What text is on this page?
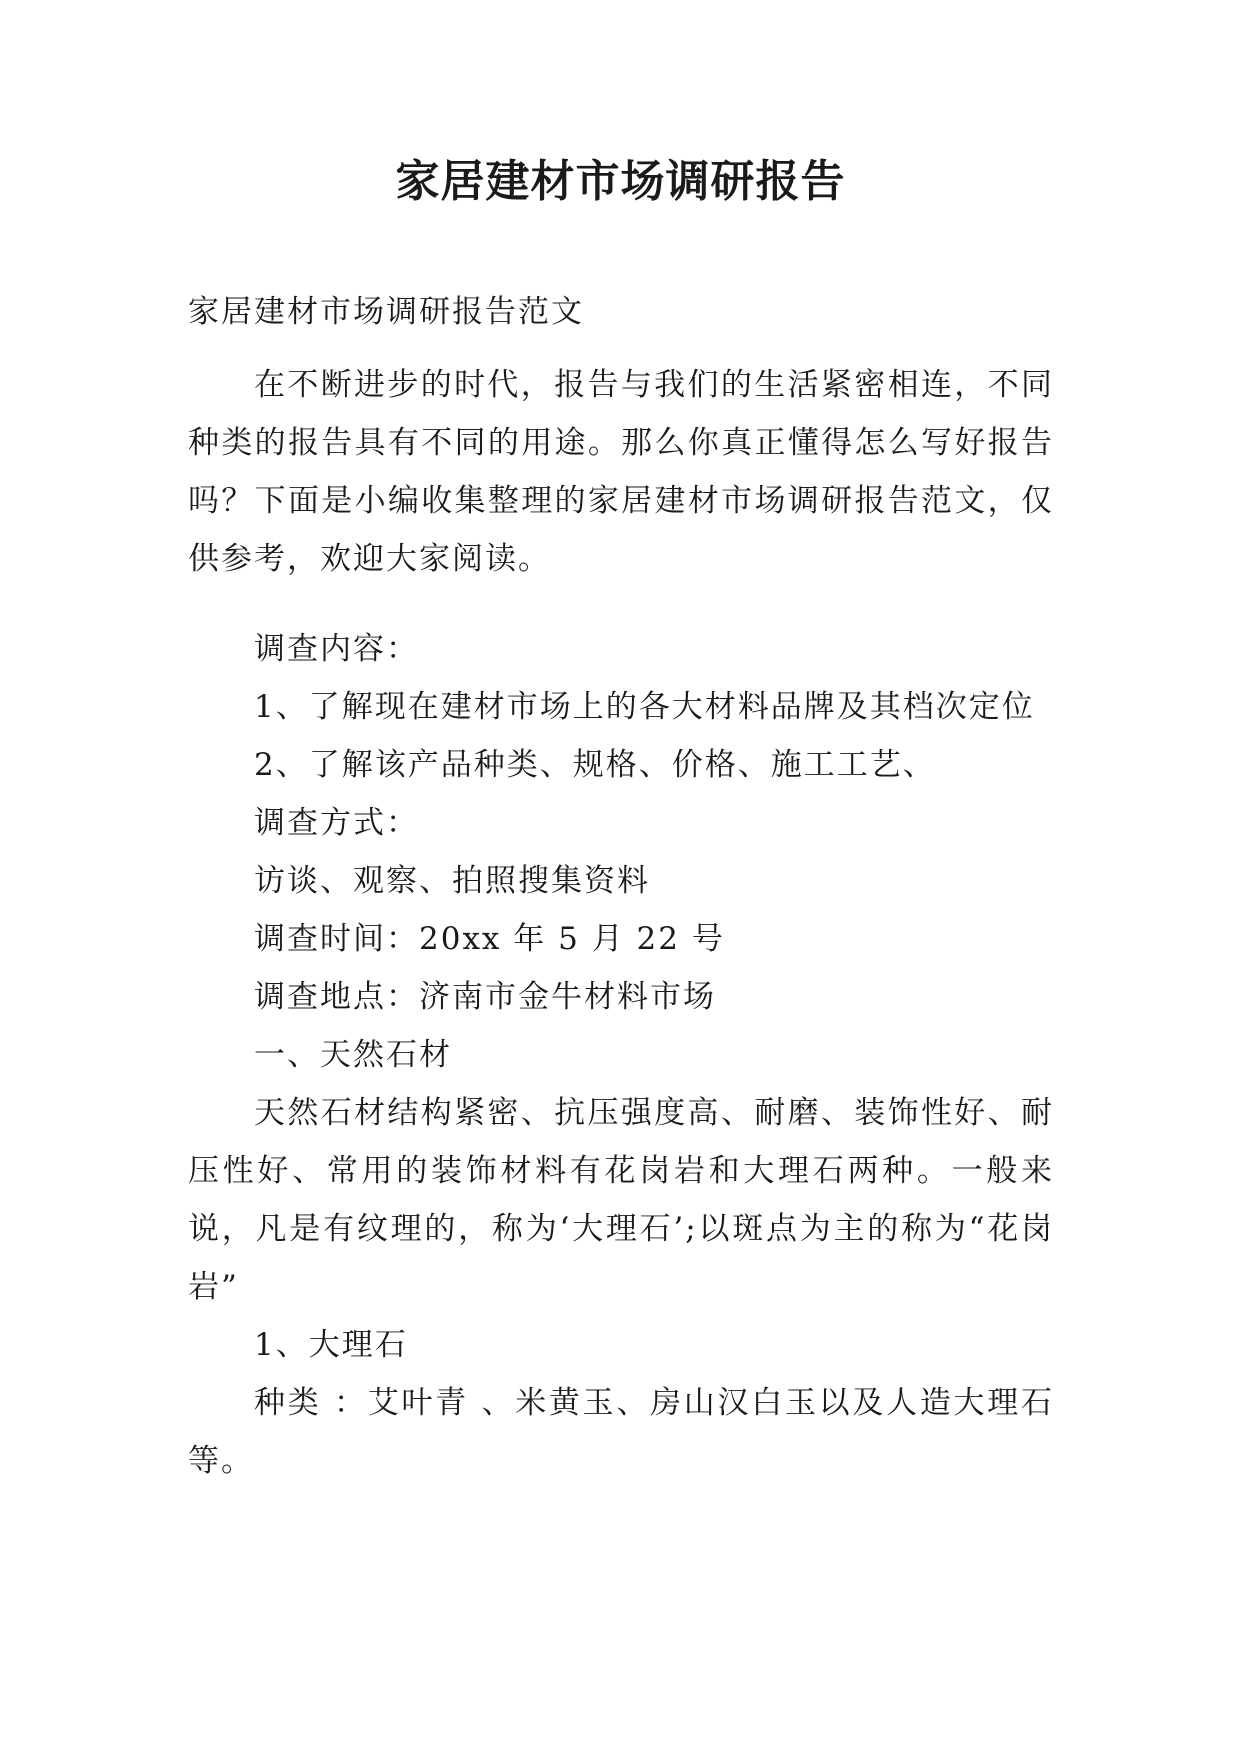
家居建材市场调研报告
家居建材市场调研报告范文

在不断进步的时代，报告与我们的生活紧密相连，不同种类的报告具有不同的用途。那么你真正懂得怎么写好报告吗？下面是小编收集整理的家居建材市场调研报告范文，仅供参考，欢迎大家阅读。

调查内容：

1、了解现在建材市场上的各大材料品牌及其档次定位

2、了解该产品种类、规格、价格、施工工艺、

调查方式：

访谈、观察、拍照搜集资料

调查时间：20xx 年 5 月 22 号

调查地点：济南市金牛材料市场

一、天然石材

天然石材结构紧密、抗压强度高、耐磨、装饰性好、耐压性好、常用的装饰材料有花岗岩和大理石两种。一般来说，凡是有纹理的，称为‘大理石’;以斑点为主的称为“花岗岩”

1、大理石

种类 ：艾叶青 、米黄玉、房山汉白玉以及人造大理石等。
